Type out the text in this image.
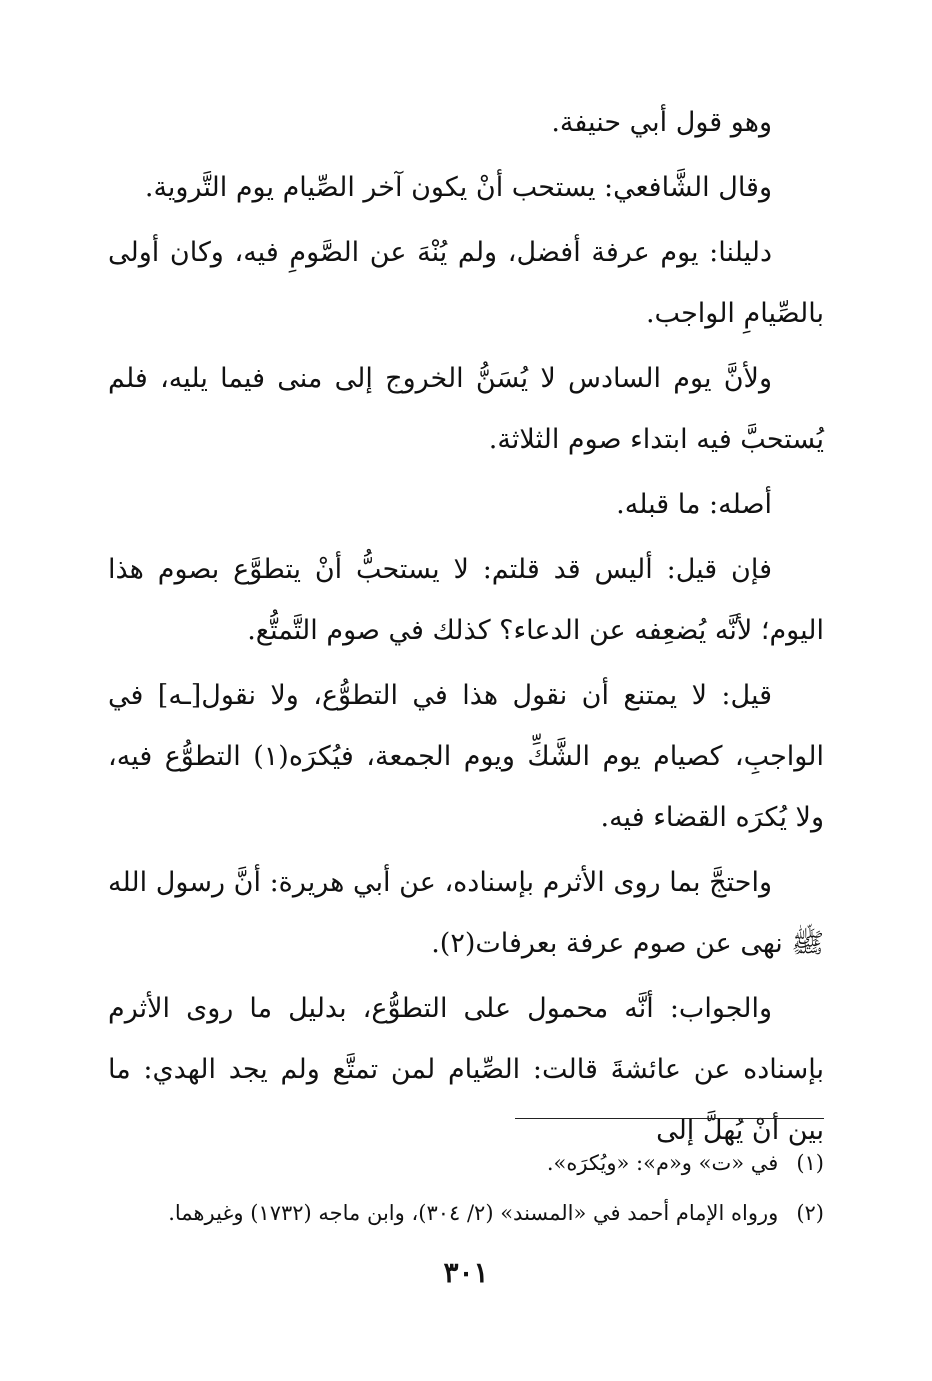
وهو قول أبي حنيفة.

وقال الشَّافعي: يستحب أنْ يكون آخر الصِّيام يوم التَّروية.

دليلنا: يوم عرفة أفضل، ولم يُنْهَ عن الصَّومِ فيه، وكان أولى بالصِّيامِ الواجب.

ولأنَّ يوم السادس لا يُسَنُّ الخروج إلى منى فيما يليه، فلم يُستحبَّ فيه ابتداء صوم الثلاثة.

أصله: ما قبله.

فإن قيل: أليس قد قلتم: لا يستحبُّ أنْ يتطوَّع بصوم هذا اليوم؛ لأنَّه يُضعِفه عن الدعاء؟ كذلك في صوم التَّمتُّع.

قيل: لا يمتنع أن نقول هذا في التطوُّع، ولا نقول[ـه] في الواجبِ، كصيام يوم الشَّكِّ ويوم الجمعة، فيُكرَه(١) التطوُّع فيه، ولا يُكرَه القضاء فيه.

واحتجَّ بما روى الأثرم بإسناده، عن أبي هريرة: أنَّ رسول الله ﷺ نهى عن صوم عرفة بعرفات(٢).

والجواب: أنَّه محمول على التطوُّع، بدليل ما روى الأثرم بإسناده عن عائشةَ قالت: الصِّيام لمن تمتَّع ولم يجد الهدي: ما بين أنْ يُهلَّ إلى

(١)في «ت» و«م»: «ويُكرَه».

(٢)ورواه الإمام أحمد في «المسند» (٢/ ٣٠٤)، وابن ماجه (١٧٣٢) وغيرهما.

٣٠١
